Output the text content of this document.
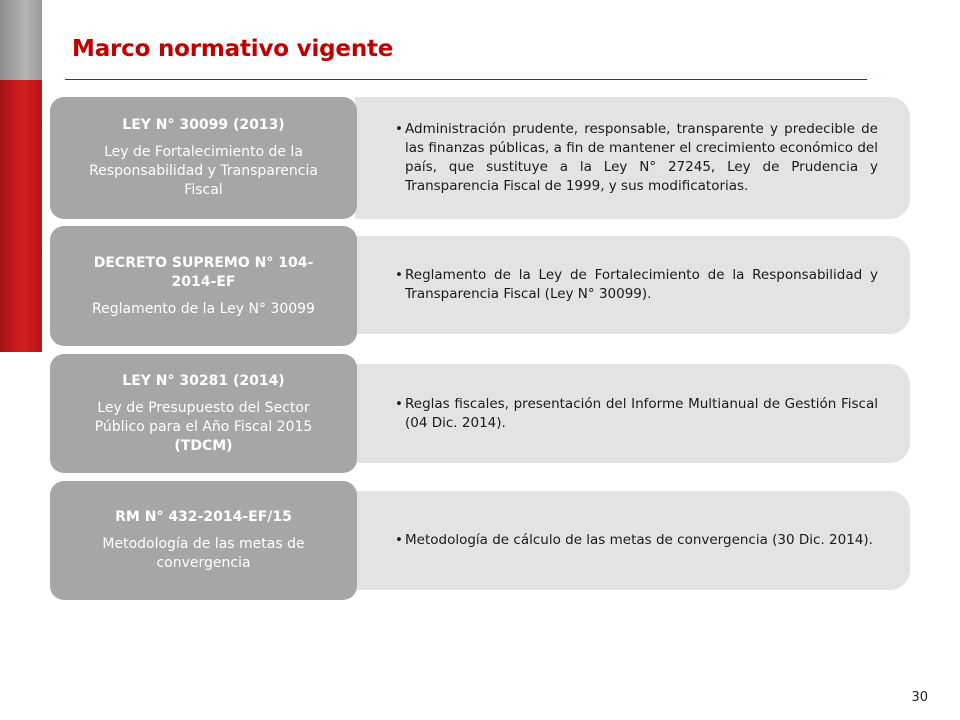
Marco normativo vigente
• Administración prudente, responsable, transparente y predecible de las finanzas públicas, a fin de mantener el crecimiento económico del país, que sustituye a la Ley N° 27245, Ley de Prudencia y Transparencia Fiscal de 1999, y sus modificatorias.
LEY N° 30099 (2013)
Ley de Fortalecimiento de la Responsabilidad y Transparencia Fiscal
• Reglamento de la Ley de Fortalecimiento de la Responsabilidad y Transparencia Fiscal (Ley N° 30099).
DECRETO SUPREMO N° 104-2014-EF
Reglamento de la Ley N° 30099
• Reglas fiscales, presentación del Informe Multianual de Gestión Fiscal (04 Dic. 2014).
LEY N° 30281 (2014)
Ley de Presupuesto del Sector Público para el Año Fiscal 2015 (TDCM)
• Metodología de cálculo de las metas de convergencia (30 Dic. 2014).
RM N° 432-2014-EF/15
Metodología de las metas de convergencia
30
